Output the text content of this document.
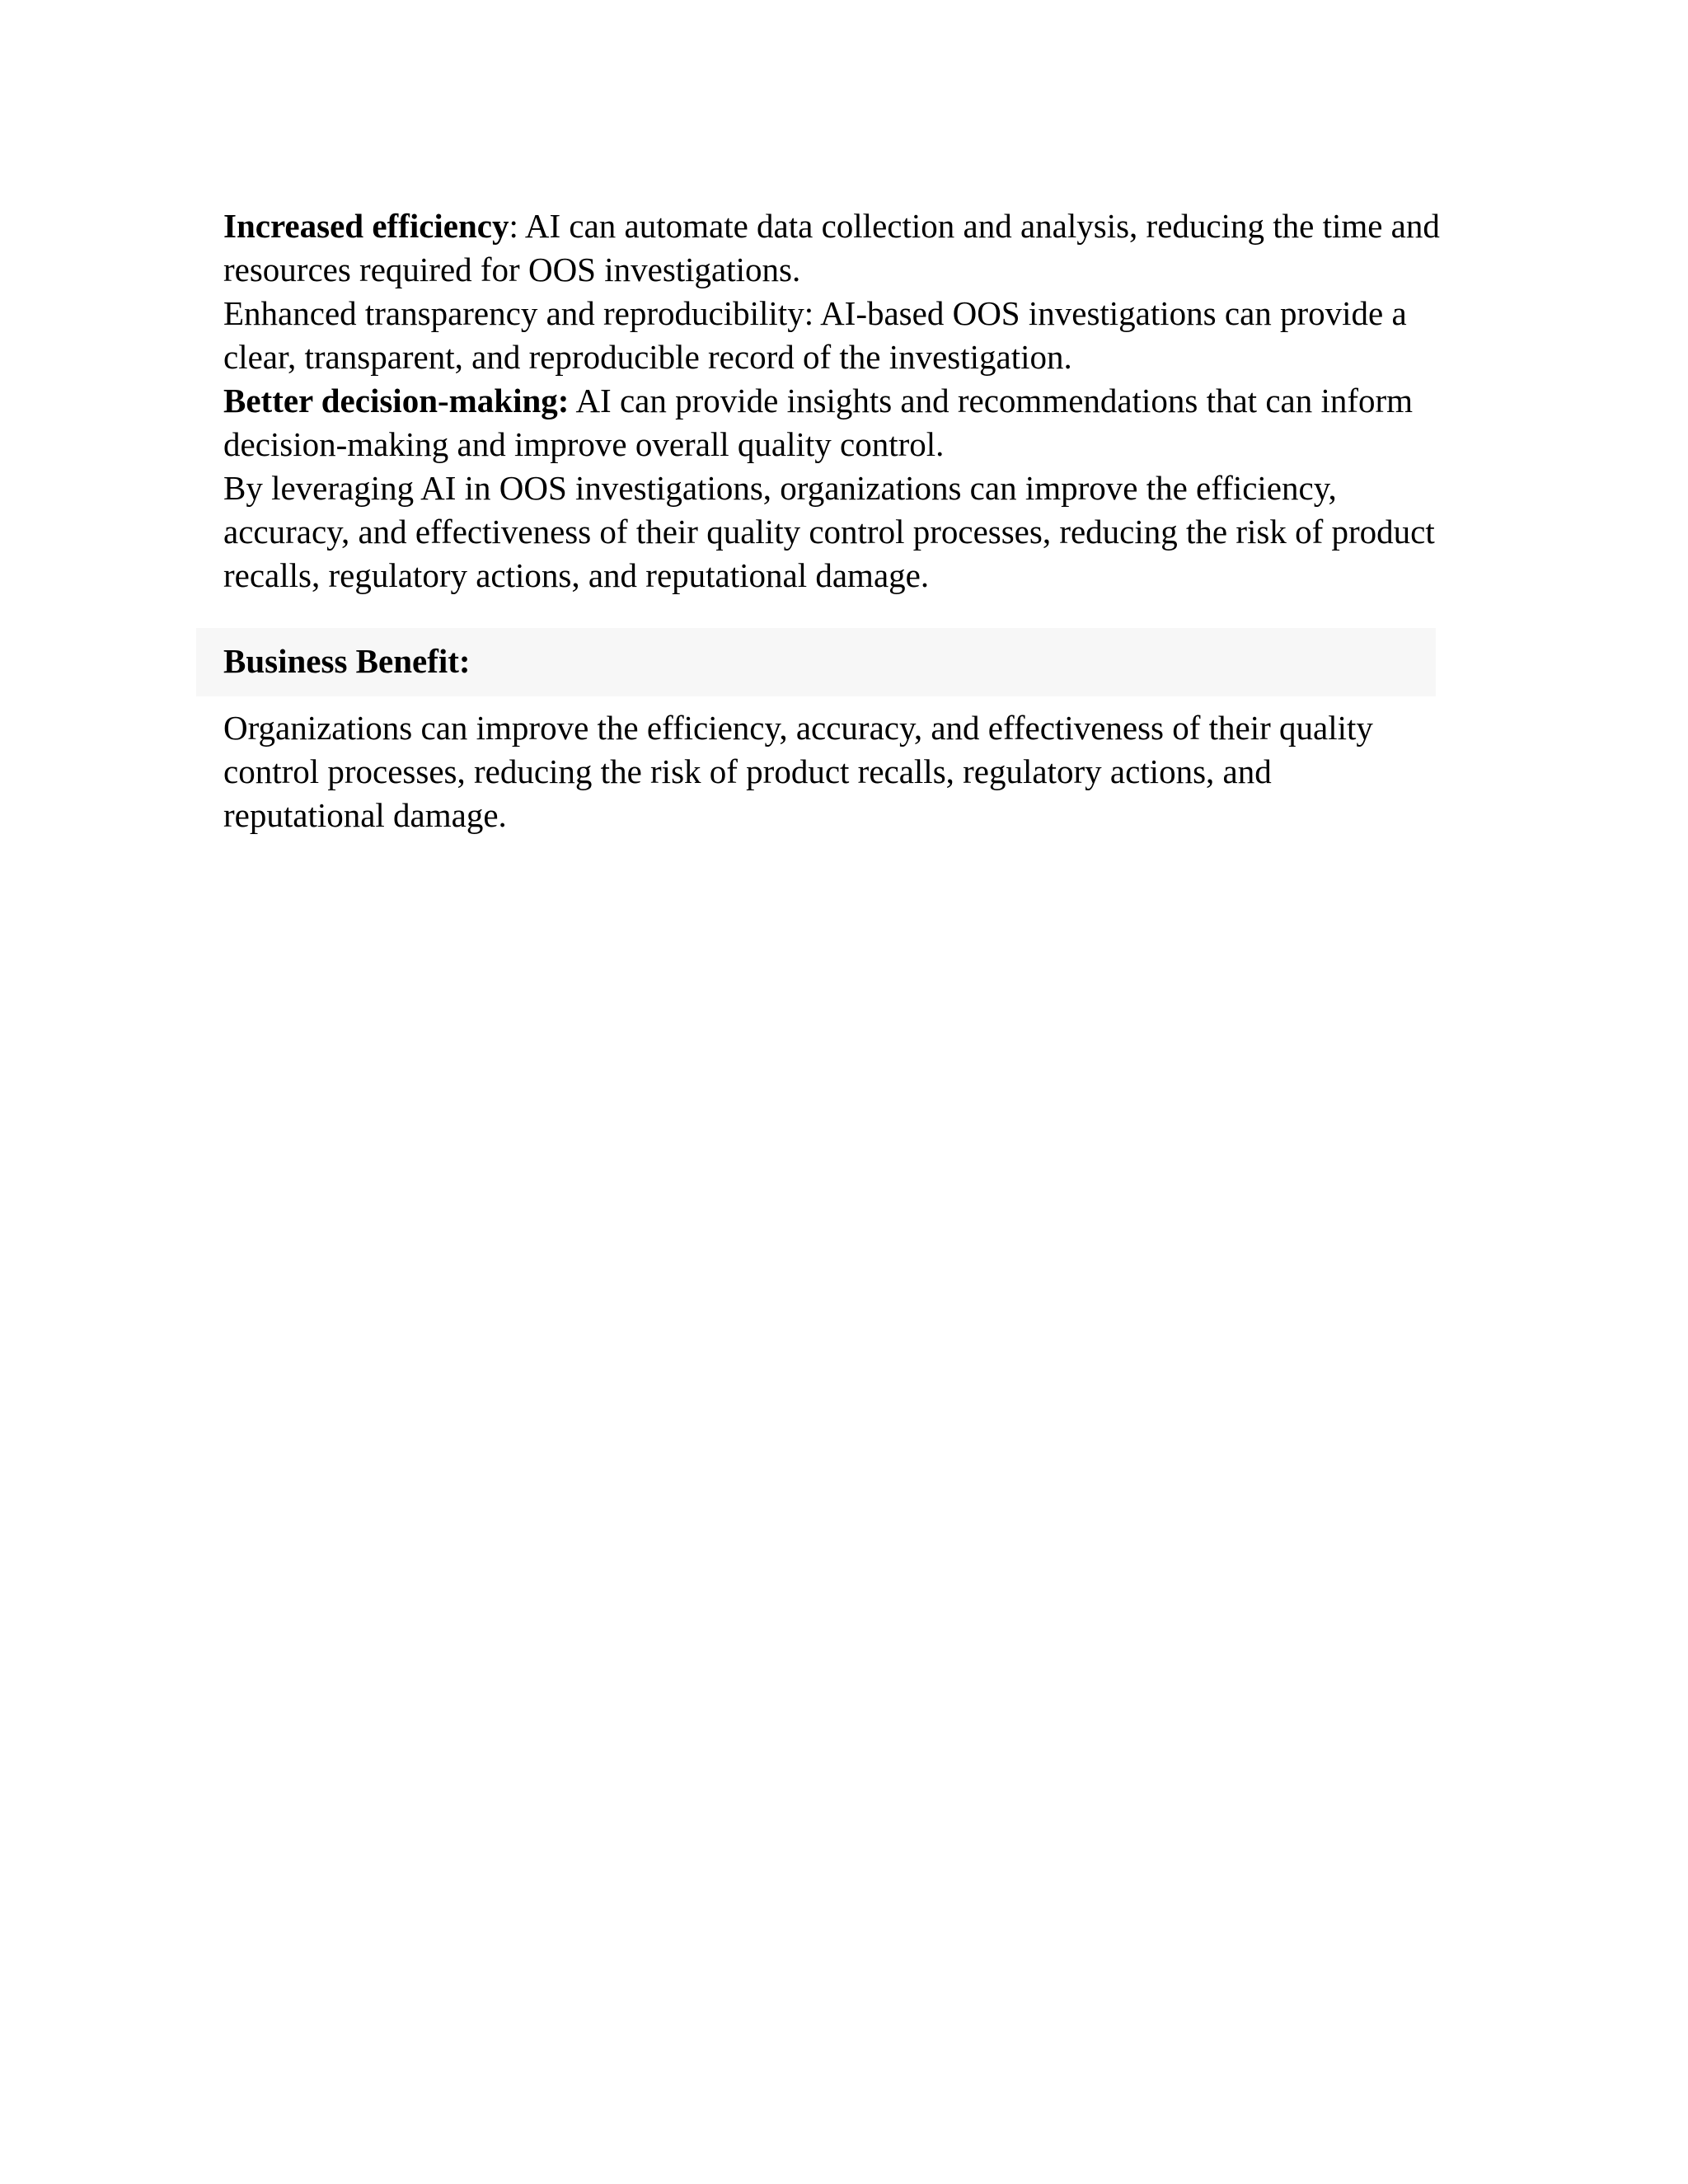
Increased efficiency: AI can automate data collection and analysis, reducing the time and resources required for OOS investigations.

Enhanced transparency and reproducibility: AI-based OOS investigations can provide a clear, transparent, and reproducible record of the investigation.

Better decision-making: AI can provide insights and recommendations that can inform decision-making and improve overall quality control.

By leveraging AI in OOS investigations, organizations can improve the efficiency, accuracy, and effectiveness of their quality control processes, reducing the risk of product recalls, regulatory actions, and reputational damage.

Business Benefit:

Organizations can improve the efficiency, accuracy, and effectiveness of their quality control processes, reducing the risk of product recalls, regulatory actions, and reputational damage.
